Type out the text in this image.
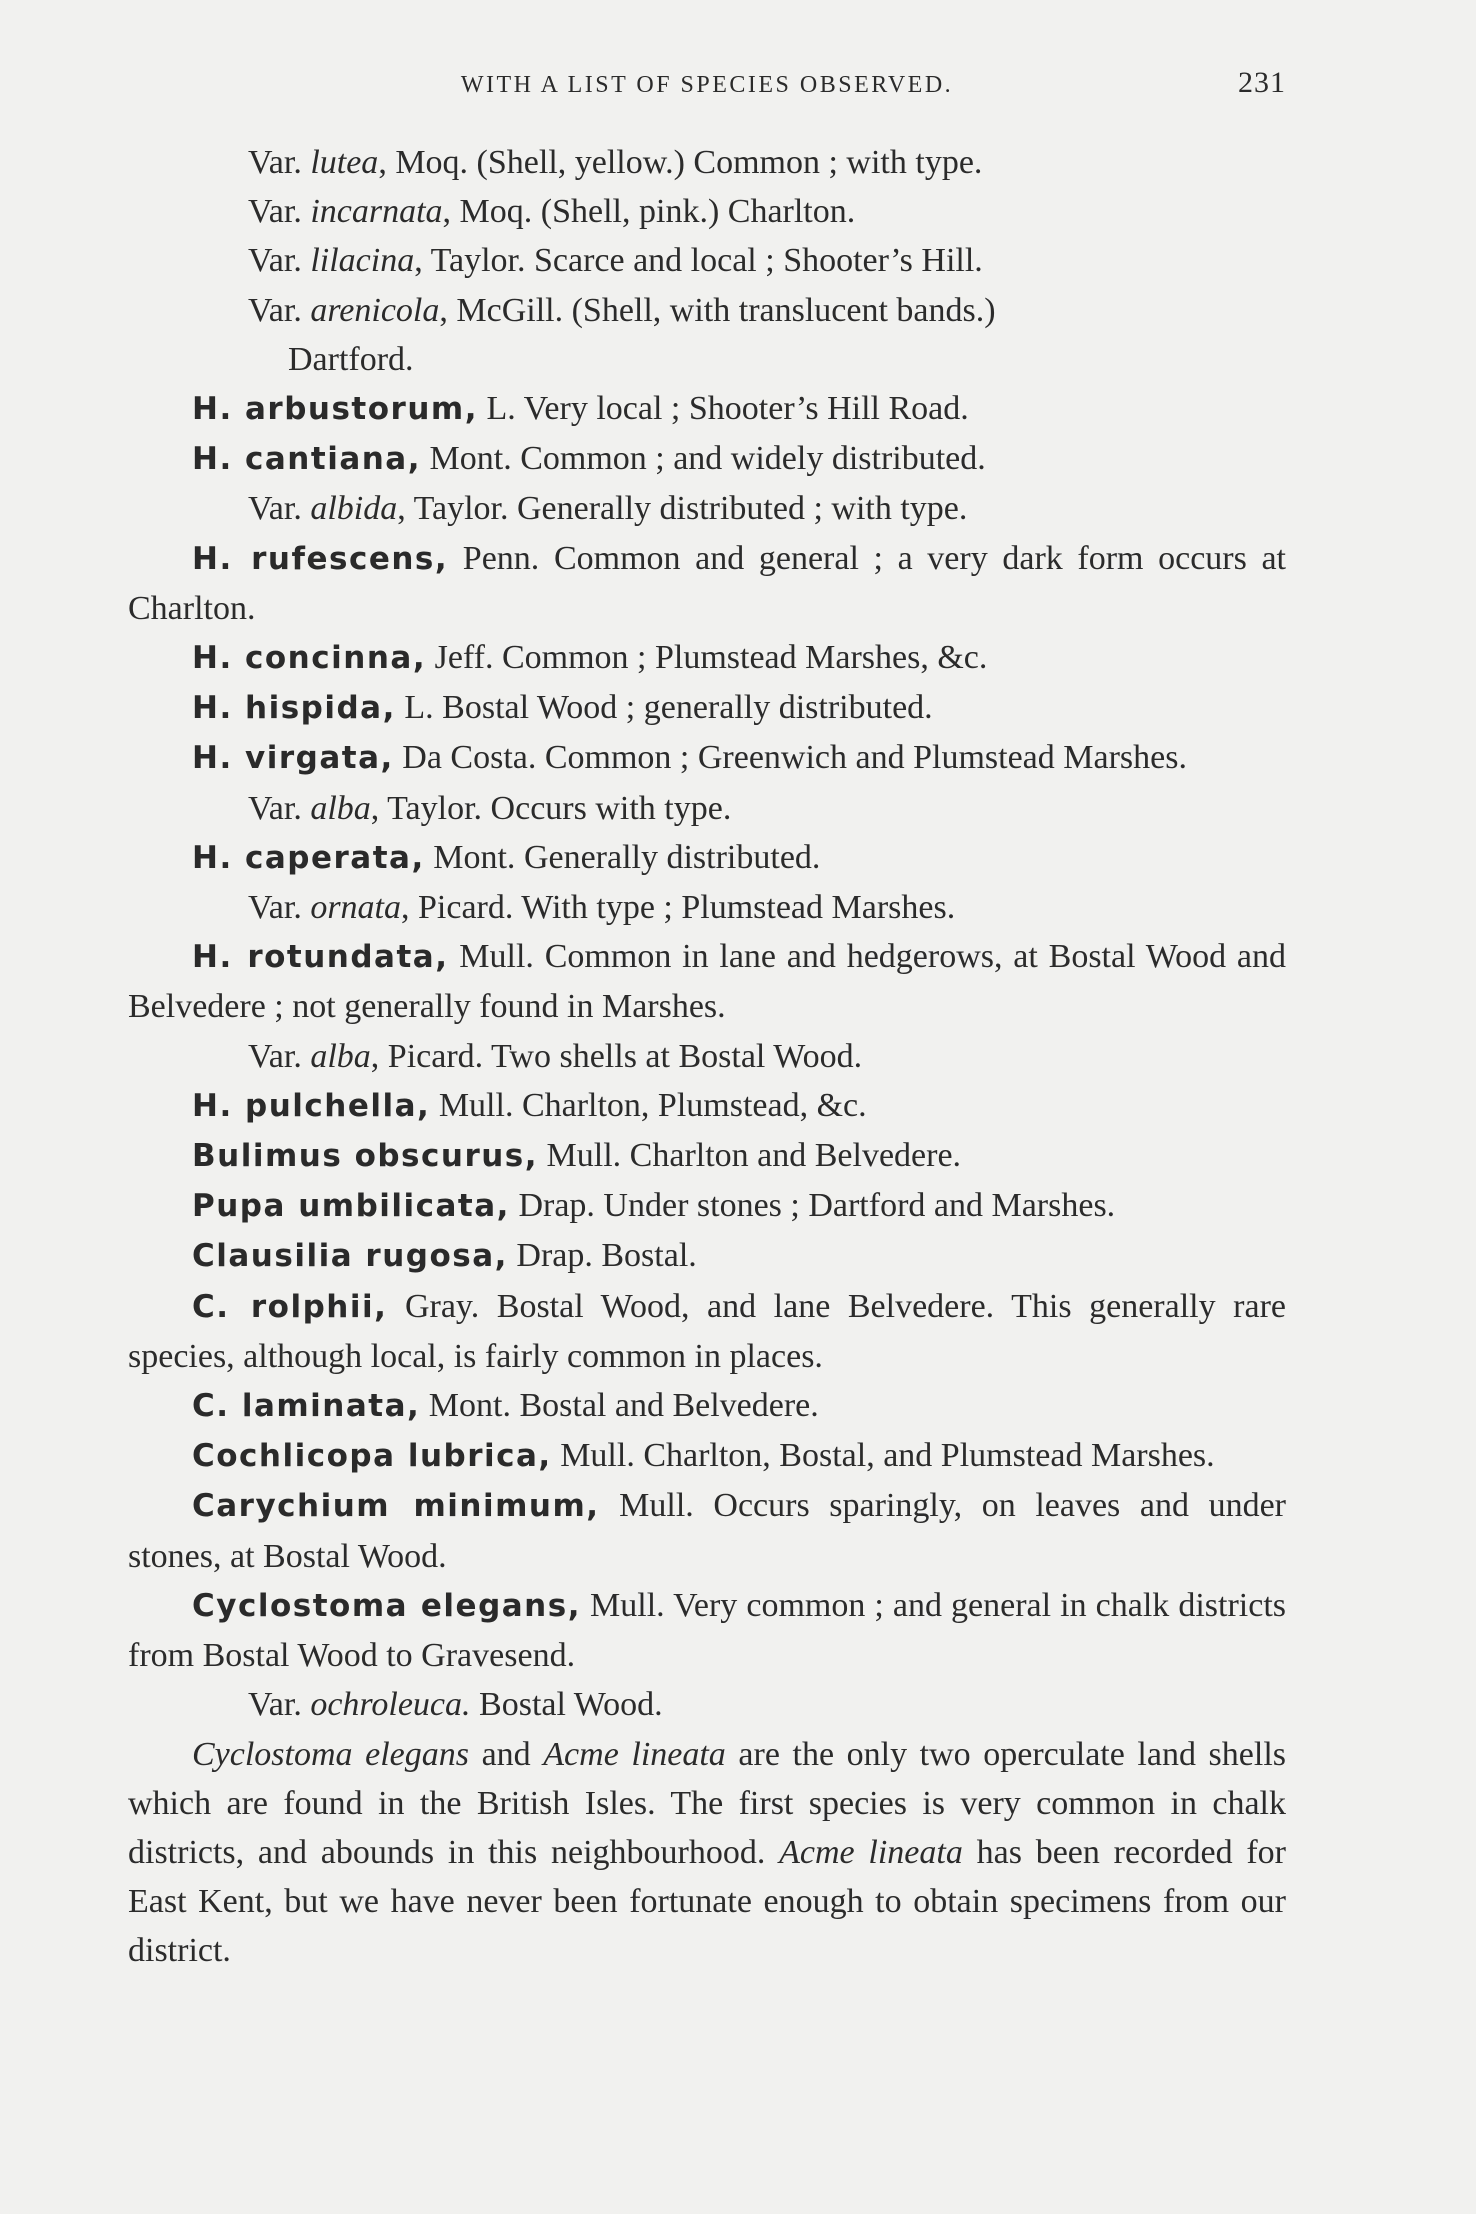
WITH A LIST OF SPECIES OBSERVED.	231

Var. lutea, Moq. (Shell, yellow.) Common ; with type.

Var. incarnata, Moq. (Shell, pink.) Charlton.

Var. lilacina, Taylor. Scarce and local ; Shooter’s Hill.

Var. arenicola, McGill. (Shell, with translucent bands.)
Dartford.

H. arbustorum, L. Very local ; Shooter’s Hill Road.

H. cantiana, Mont. Common ; and widely distributed.

Var. albida, Taylor. Generally distributed ; with type.

H. rufescens, Penn. Common and general ; a very dark form occurs at Charlton.

H. concinna, Jeff. Common ; Plumstead Marshes, &c.

H. hispida, L. Bostal Wood ; generally distributed.

H. virgata, Da Costa. Common ; Greenwich and Plumstead Marshes.

Var. alba, Taylor. Occurs with type.

H. caperata, Mont. Generally distributed.

Var. ornata, Picard. With type ; Plumstead Marshes.

H. rotundata, Mull. Common in lane and hedgerows, at Bostal Wood and Belvedere ; not generally found in Marshes.

Var. alba, Picard. Two shells at Bostal Wood.

H. pulchella, Mull. Charlton, Plumstead, &c.

Bulimus obscurus, Mull. Charlton and Belvedere.

Pupa umbilicata, Drap. Under stones ; Dartford and Marshes.

Clausilia rugosa, Drap. Bostal.

C. rolphii, Gray. Bostal Wood, and lane Belvedere. This generally rare species, although local, is fairly common in places.

C. laminata, Mont. Bostal and Belvedere.

Cochlicopa lubrica, Mull. Charlton, Bostal, and Plumstead Marshes.

Carychium minimum, Mull. Occurs sparingly, on leaves and under stones, at Bostal Wood.

Cyclostoma elegans, Mull. Very common ; and general in chalk districts from Bostal Wood to Gravesend.

Var. ochroleuca. Bostal Wood.

Cyclostoma elegans and Acme lineata are the only two operculate land shells which are found in the British Isles. The first species is very common in chalk districts, and abounds in this neighbourhood. Acme lineata has been recorded for East Kent, but we have never been fortunate enough to obtain specimens from our district.
